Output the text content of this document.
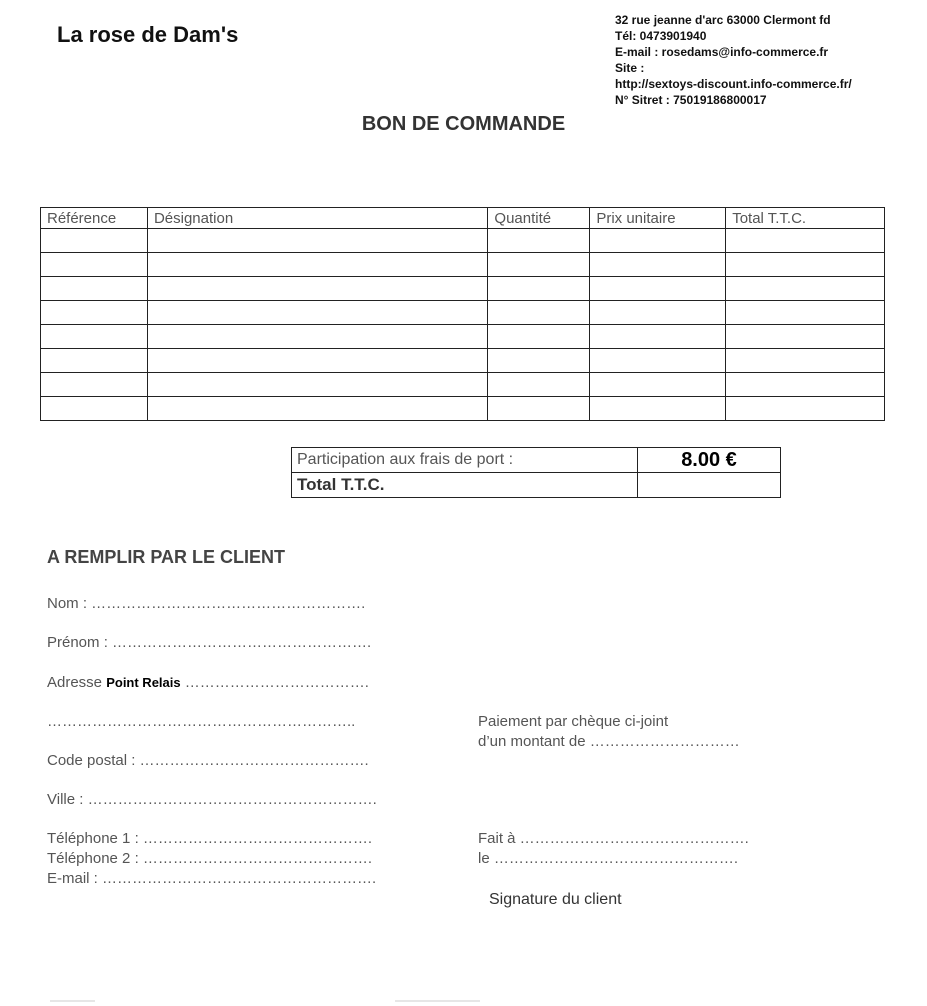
La rose de Dam's
32 rue jeanne d'arc 63000 Clermont fd
Tél: 0473901940
E-mail : rosedams@info-commerce.fr
Site :
http://sextoys-discount.info-commerce.fr/
N° Sitret : 75019186800017
BON DE COMMANDE
Référence	Désignation	Quantité	Prix unitaire	Total T.T.C.

Participation aux frais de port :	8.00 €
Total T.T.C.	
A REMPLIR PAR LE CLIENT
Nom : ……………………………………………….
Prénom : …………………………………………….
Adresse Point Relais ……………………………….
……………………………………………………..
Code postal : ……………………………………….
Ville : ………………………………………………….
Téléphone 1 : ……………………………………….
Téléphone 2 : ……………………………………….
E-mail : ……………………………………………….
Paiement par chèque ci-joint
d’un montant de …………………………
Fait à ……………………………………….
le ………………………………………….
Signature du client
